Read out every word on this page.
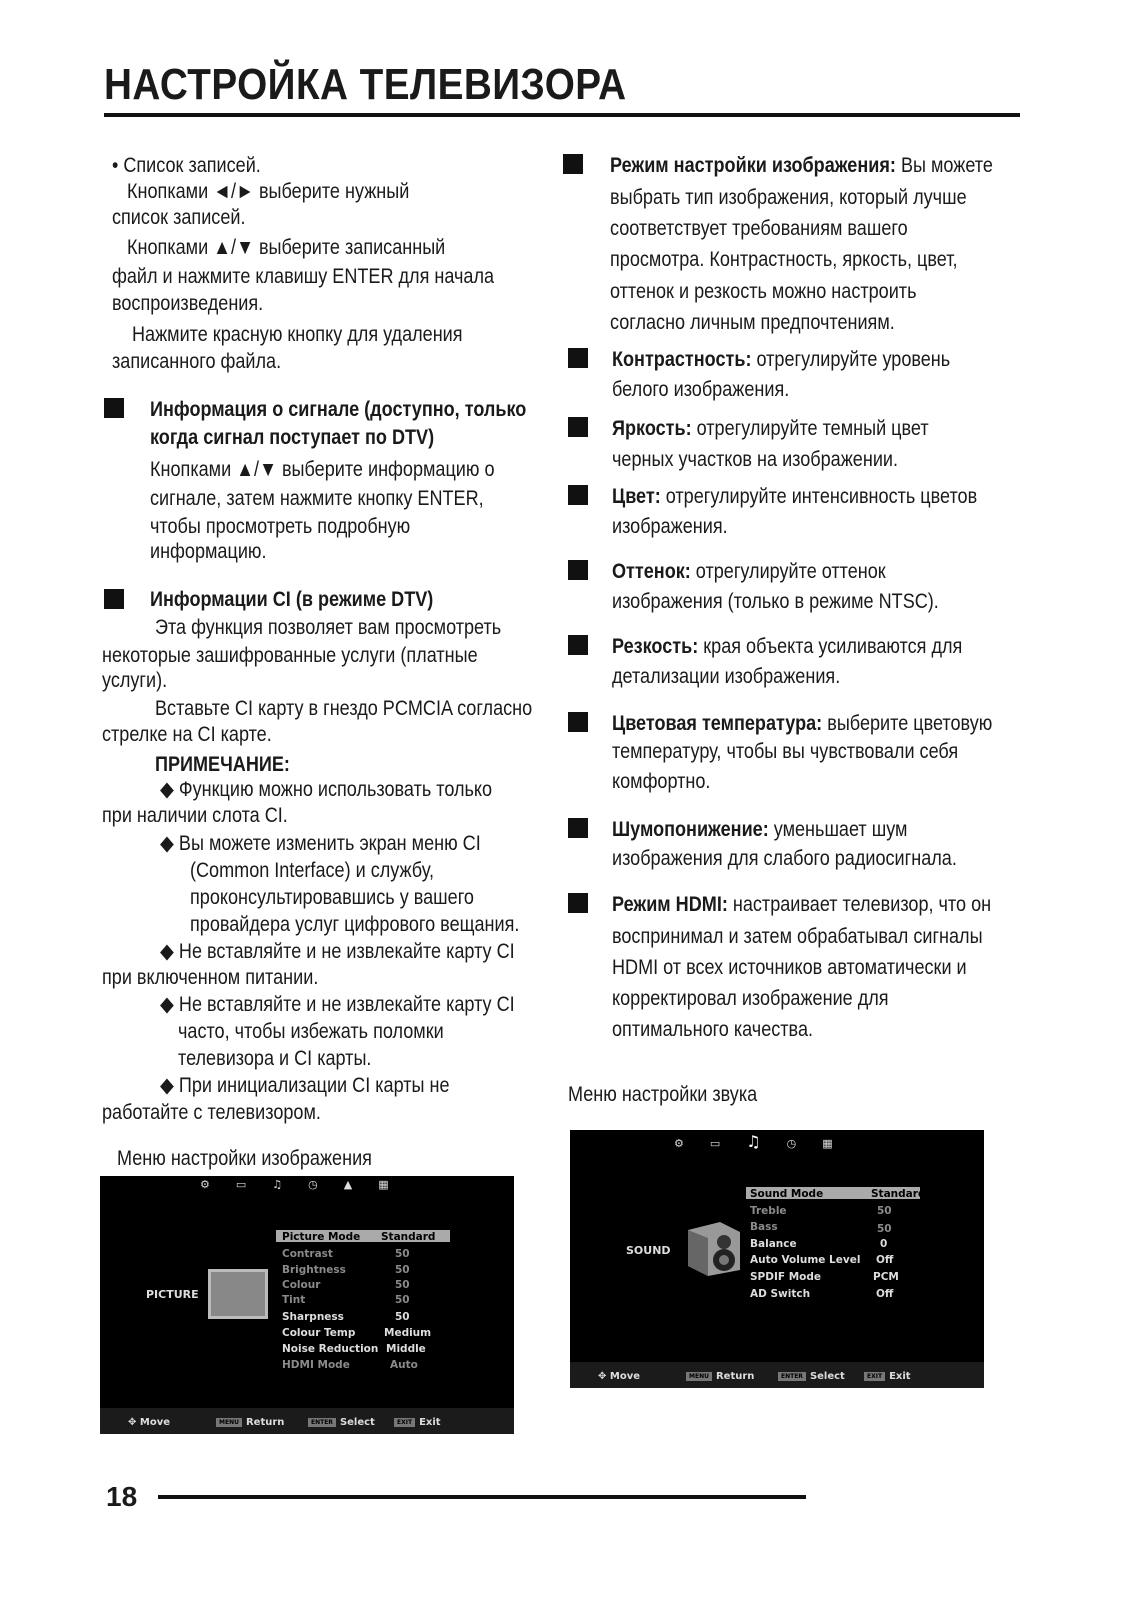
НАСТРОЙКА ТЕЛЕВИЗОРА
• Список записей.
Кнопками ◄/► выберите нужный
список записей.
Кнопками ▲/▼ выберите записанный
файл и нажмите клавишу ENTER для начала
воспроизведения.
Нажмите красную кнопку для удаления
записанного файла.
Информация о сигнале (доступно, только
когда сигнал поступает по DTV)
Кнопками ▲/▼ выберите информацию о
сигнале, затем нажмите кнопку ENTER,
чтобы просмотреть подробную
информацию.
Информации CI (в режиме DTV)
Эта функция позволяет вам просмотреть
некоторые зашифрованные услуги (платные
услуги).
Вставьте CI карту в гнездо PCMCIA согласно
стрелке на CI карте.
ПРИМЕЧАНИЕ:
◆ Функцию можно использовать только
при наличии слота CI.
◆ Вы можете изменить экран меню CI
(Common Interface) и службу,
проконсультировавшись у вашего
провайдера услуг цифрового вещания.
◆ Не вставляйте и не извлекайте карту CI
при включенном питании.
◆ Не вставляйте и не извлекайте карту CI
часто, чтобы избежать поломки
телевизора и CI карты.
◆ При инициализации CI карты не
работайте с телевизором.
Меню настройки изображения
⚙▭♫◷▲▦
PICTURE
Picture Mode Standard
Contrast	50
Brightness	50
Colour	50
Tint	50
Sharpness	50
Colour Temp	Medium
Noise Reduction Middle
HDMI Mode	Auto
✥ Move	MENU Return	ENTER Select	EXIT Exit
Режим настройки изображения: Вы можете
выбрать тип изображения, который лучше
соответствует требованиям вашего
просмотра. Контрастность, яркость, цвет,
оттенок и резкость можно настроить
согласно личным предпочтениям.
Контрастность: отрегулируйте уровень
белого изображения.
Яркость: отрегулируйте темный цвет
черных участков на изображении.
Цвет: отрегулируйте интенсивность цветов
изображения.
Оттенок: отрегулируйте оттенок
изображения (только в режиме NTSC).
Резкость: края объекта усиливаются для
детализации изображения.
Цветовая температура: выберите цветовую
температуру, чтобы вы чувствовали себя
комфортно.
Шумопонижение: уменьшает шум
изображения для слабого радиосигнала.
Режим HDMI: настраивает телевизор, что он
воспринимал и затем обрабатывал сигналы
HDMI от всех источников автоматически и
корректировал изображение для
оптимального качества.
Меню настройки звука
⚙▭♫◷▦
SOUND
Sound Mode	Standard
Treble	50
Bass	50
Balance	0
Auto Volume Level Off
SPDIF Mode	PCM
AD Switch	Off
✥ Move	MENU Return	ENTER Select	EXIT Exit
18
